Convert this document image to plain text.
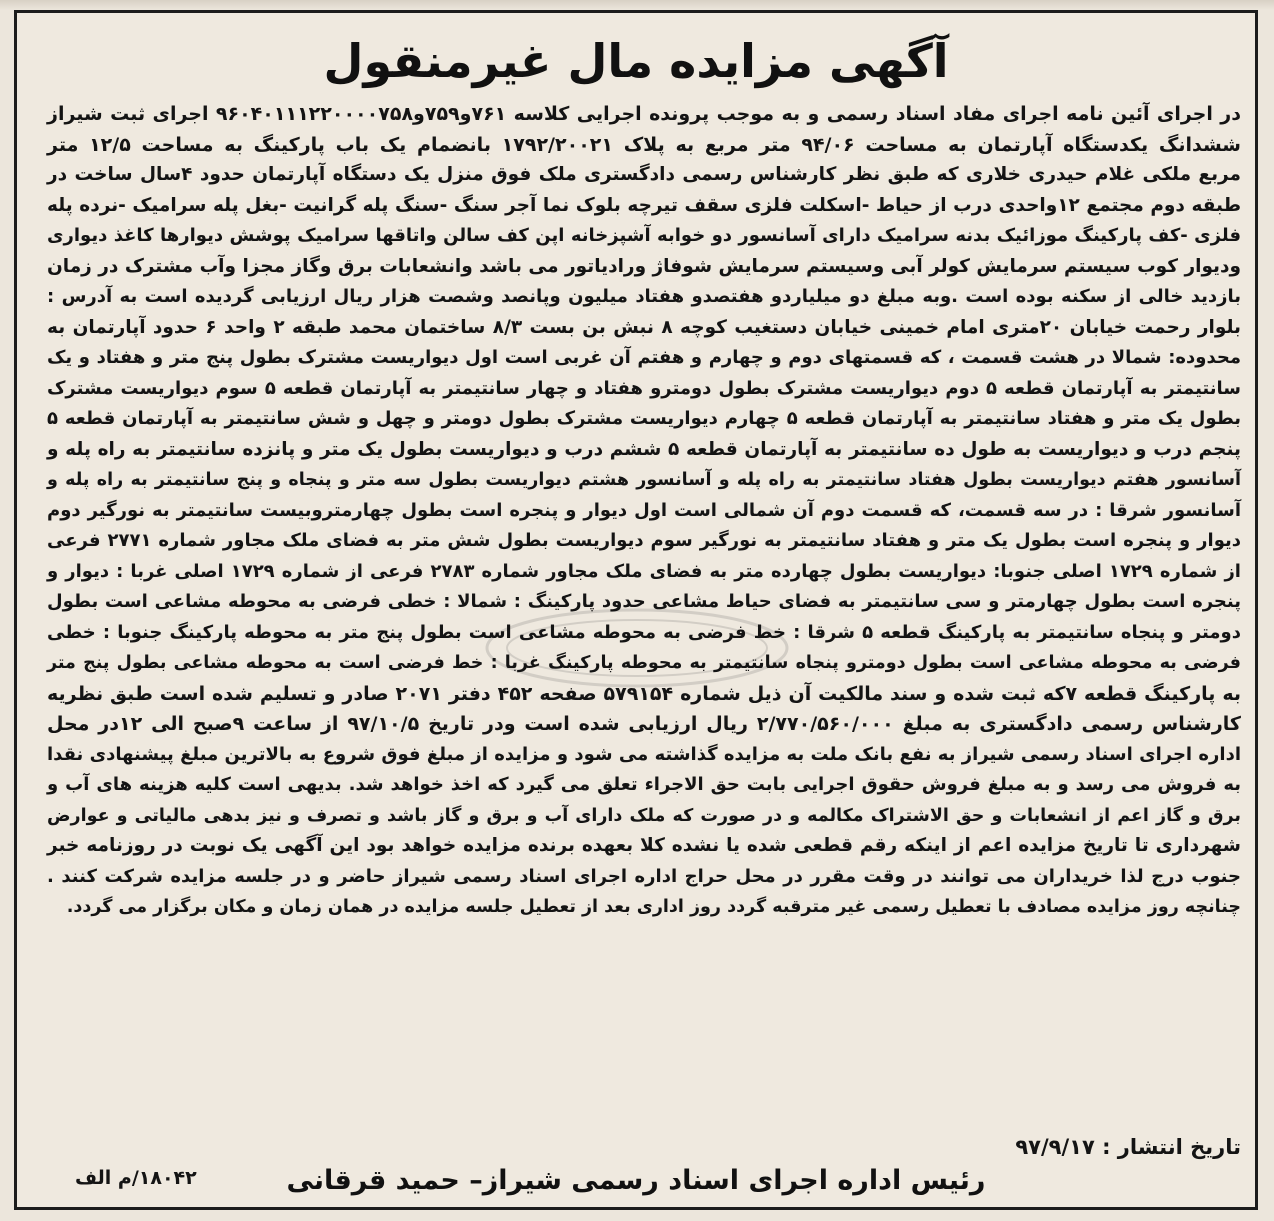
آگهی مزایده مال غیرمنقول
در اجرای آئین نامه اجرای مفاد اسناد رسمی و به موجب پرونده اجرایی کلاسه ۷۶۱و۷۵۹و۹۶۰۴۰۱۱۱۲۲۰۰۰۰۷۵۸ اجرای ثبت شیراز
ششدانگ یکدستگاه آپارتمان به مساحت ۹۴/۰۶ متر مربع به پلاک ۱۷۹۲/۲۰۰۲۱ بانضمام یک باب پارکینگ به مساحت ۱۲/۵ متر
مربع ملکی غلام حیدری خلاری که طبق نظر کارشناس رسمی دادگستری ملک فوق منزل یک دستگاه آپارتمان حدود ۴سال ساخت در
طبقه دوم مجتمع ۱۲واحدی درب از حیاط -اسکلت فلزی سقف تیرچه بلوک نما آجر سنگ -سنگ پله گرانیت -بغل پله سرامیک -نرده پله
فلزی -کف پارکینگ موزائیک بدنه سرامیک دارای آسانسور دو خوابه آشپزخانه اپن کف سالن واتاقها سرامیک پوشش دیوارها کاغذ دیواری
ودیوار کوب سیستم سرمایش کولر آبی وسیستم سرمایش شوفاژ ورادیاتور می باشد وانشعابات برق وگاز مجزا وآب مشترک در زمان
بازدید خالی از سکنه بوده است .وبه مبلغ دو میلیاردو هفتصدو هفتاد میلیون وپانصد وشصت هزار ریال ارزیابی گردیده است به آدرس :
بلوار رحمت خیابان ۲۰متری امام خمینی خیابان دستغیب کوچه ۸ نبش بن بست ۸/۳ ساختمان محمد طبقه ۲ واحد ۶ حدود آپارتمان به
محدوده: شمالا در هشت قسمت ، که قسمتهای دوم و چهارم و هفتم آن غربی است اول دیواریست مشترک بطول پنج متر و هفتاد و یک
سانتیمتر به آپارتمان قطعه ۵ دوم دیواریست مشترک بطول دومترو هفتاد و چهار سانتیمتر به آپارتمان قطعه ۵ سوم دیواریست مشترک
بطول یک متر و هفتاد سانتیمتر به آپارتمان قطعه ۵ چهارم دیواریست مشترک بطول دومتر و چهل و شش سانتیمتر به آپارتمان قطعه ۵
پنجم درب و دیواریست به طول ده سانتیمتر به آپارتمان قطعه ۵ ششم درب و دیواریست بطول یک متر و پانزده سانتیمتر به راه پله و
آسانسور هفتم دیواریست بطول هفتاد سانتیمتر به راه پله و آسانسور هشتم دیواریست بطول سه متر و پنجاه و پنج سانتیمتر به راه پله و
آسانسور شرقا : در سه قسمت، که قسمت دوم آن شمالی است اول دیوار و پنجره است بطول چهارمتروبیست سانتیمتر به نورگیر دوم
دیوار و پنجره است بطول یک متر و هفتاد سانتیمتر به نورگیر سوم دیواریست بطول شش متر به فضای ملک مجاور شماره ۲۷۷۱ فرعی
از شماره ۱۷۲۹ اصلی جنوبا: دیواریست بطول چهارده متر به فضای ملک مجاور شماره ۲۷۸۳ فرعی از شماره ۱۷۲۹ اصلی غربا : دیوار و
پنجره است بطول چهارمتر و سی سانتیمتر به فضای حیاط مشاعی حدود پارکینگ : شمالا : خطی فرضی به محوطه مشاعی است بطول
دومتر و پنجاه سانتیمتر به پارکینگ قطعه ۵ شرقا : خط فرضی به محوطه مشاعی است بطول پنج متر به محوطه پارکینگ جنوبا : خطی
فرضی به محوطه مشاعی است بطول دومترو پنجاه سانتیمتر به محوطه پارکینگ غربا : خط فرضی است به محوطه مشاعی بطول پنج متر
به پارکینگ قطعه ۷که ثبت شده و سند مالکیت آن ذیل شماره ۵۷۹۱۵۴ صفحه ۴۵۲ دفتر ۲۰۷۱ صادر و تسلیم شده است طبق نظریه
کارشناس رسمی دادگستری به مبلغ ۲/۷۷۰/۵۶۰/۰۰۰ ریال ارزیابی شده است ودر تاریخ ۹۷/۱۰/۵ از ساعت ۹صبح الی ۱۲در محل
اداره اجرای اسناد رسمی شیراز به نفع بانک ملت به مزایده گذاشته می شود و مزایده از مبلغ فوق شروع به بالاترین مبلغ پیشنهادی نقدا
به فروش می رسد و به مبلغ فروش حقوق اجرایی بابت حق الاجراء تعلق می گیرد که اخذ خواهد شد. بدیهی است کلیه هزینه های آب و
برق و گاز اعم از انشعابات و حق الاشتراک مکالمه و در صورت که ملک دارای آب و برق و گاز باشد و تصرف و نیز بدهی مالیاتی و عوارض
شهرداری تا تاریخ مزایده اعم از اینکه رقم قطعی شده یا نشده کلا بعهده برنده مزایده خواهد بود این آگهی یک نوبت در روزنامه خبر
جنوب درج لذا خریداران می توانند در وقت مقرر در محل حراج اداره اجرای اسناد رسمی شیراز حاضر و در جلسه مزایده شرکت کنند .
چنانچه روز مزایده مصادف با تعطیل رسمی غیر مترقبه گردد روز اداری بعد از تعطیل جلسه مزایده در همان زمان و مکان برگزار می گردد.
تاریخ انتشار : ۹۷/۹/۱۷
۱۸۰۴۲/م الف	رئیس اداره اجرای اسناد رسمی شیراز– حمید قرقانی
